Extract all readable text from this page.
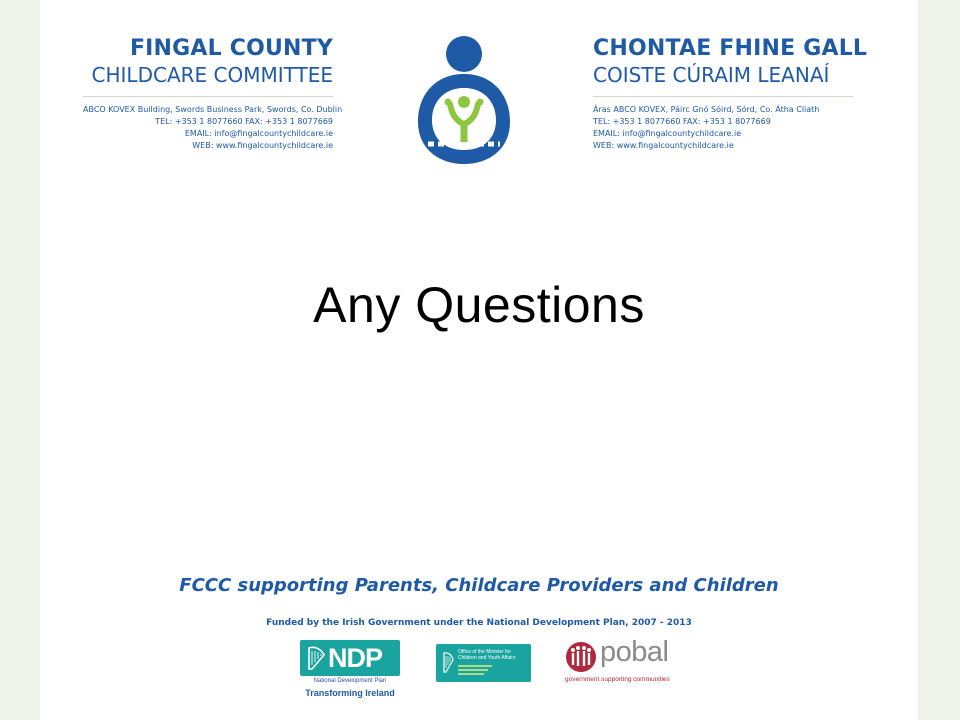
FINGAL COUNTY
CHILDCARE COMMITTEE
ABCO KOVEX Building, Swords Business Park, Swords, Co. Dublin
TEL: +353 1 8077660 FAX: +353 1 8077669
EMAIL: info@fingalcountychildcare.ie
WEB: www.fingalcountychildcare.ie
CHONTAE FHINE GALL
COISTE CÚRAIM LEANAÍ
Áras ABCO KOVEX, Páirc Gnó Sóird, Sórd, Co. Átha Cliath
TEL: +353 1 8077660 FAX: +353 1 8077669
EMAIL: info@fingalcountychildcare.ie
WEB: www.fingalcountychildcare.ie
Any Questions
FCCC supporting Parents, Childcare Providers and Children
Funded by the Irish Government under the National Development Plan, 2007 - 2013
NDP
National Development Plan
Transforming Ireland
Office of the Minister for
Children and Youth Affairs	pobal
government supporting communities
